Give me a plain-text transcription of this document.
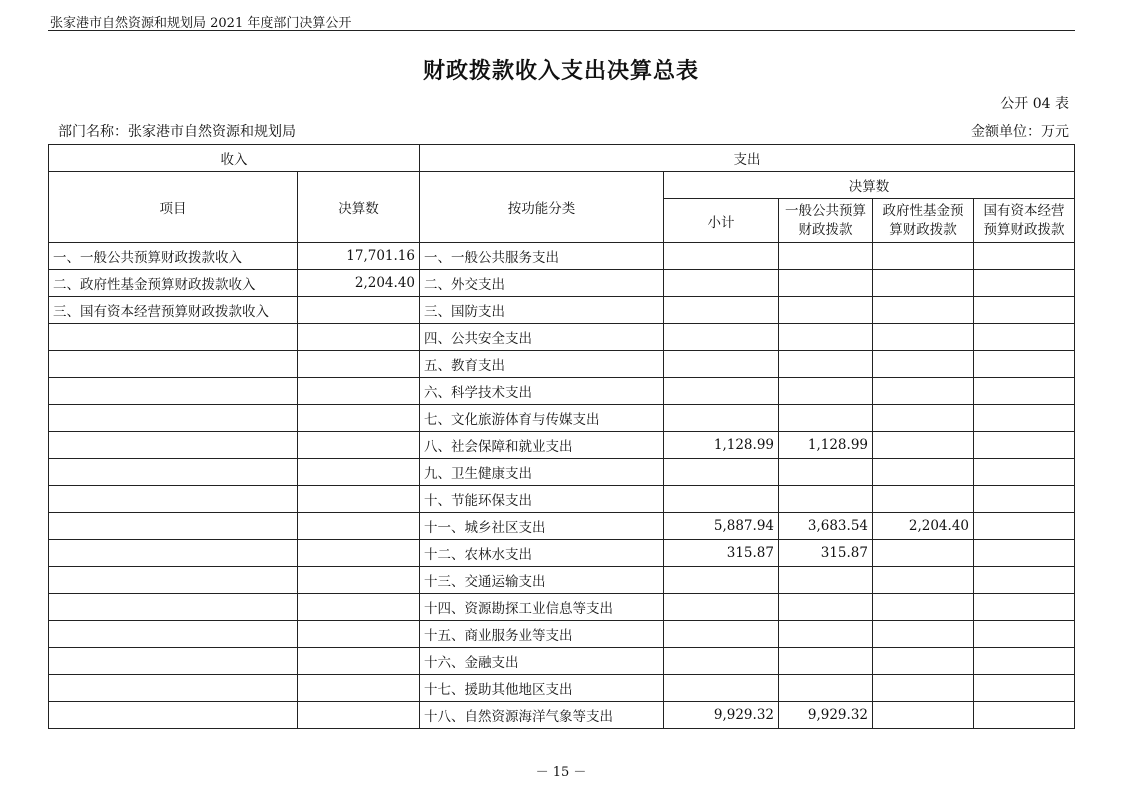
张家港市自然资源和规划局 2021 年度部门决算公开
财政拨款收入支出决算总表
公开 04 表
部门名称：张家港市自然资源和规划局	金额单位：万元
收入		支出				
项目	决算数	按功能分类	决算数			
			小计	一般公共预算财政拨款	政府性基金预算财政拨款	国有资本经营预算财政拨款
一、一般公共预算财政拨款收入	17,701.16	一、一般公共服务支出				
二、政府性基金预算财政拨款收入	2,204.40	二、外交支出				
三、国有资本经营预算财政拨款收入		三、国防支出				
		四、公共安全支出				
		五、教育支出				
		六、科学技术支出				
		七、文化旅游体育与传媒支出				
		八、社会保障和就业支出	1,128.99	1,128.99		
		九、卫生健康支出				
		十、节能环保支出				
		十一、城乡社区支出	5,887.94	3,683.54	2,204.40	
		十二、农林水支出	315.87	315.87		
		十三、交通运输支出				
		十四、资源勘探工业信息等支出				
		十五、商业服务业等支出				
		十六、金融支出				
		十七、援助其他地区支出				
		十八、自然资源海洋气象等支出	9,929.32	9,929.32		
－ 15 －
